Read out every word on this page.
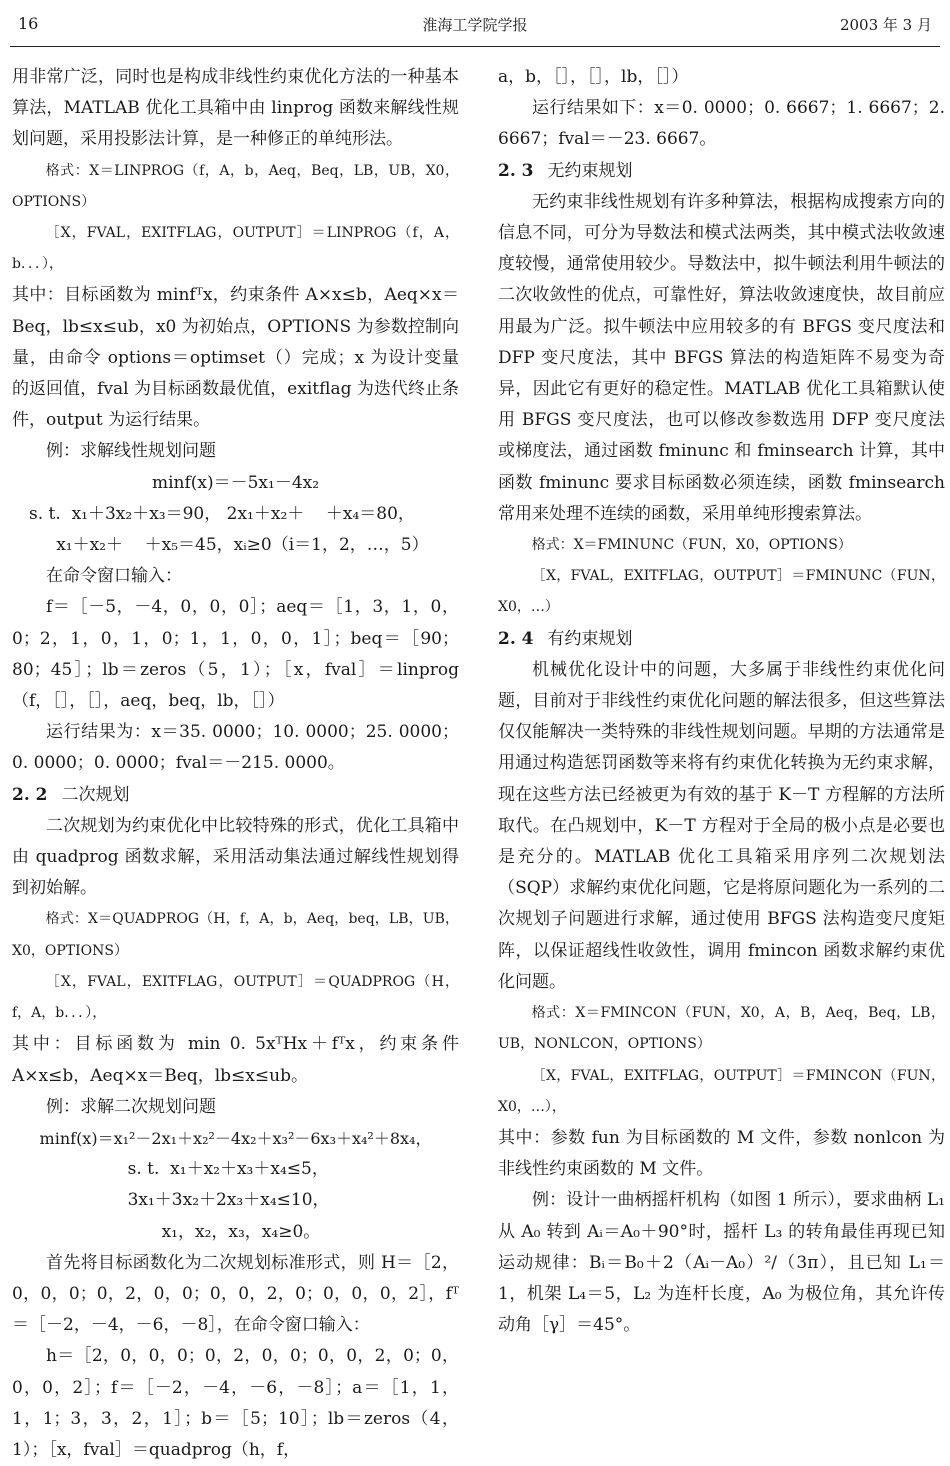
16	淮海工学院学报	2003 年 3 月

用非常广泛，同时也是构成非线性约束优化方法的一种基本算法，MATLAB 优化工具箱中由 linprog 函数来解线性规划问题，采用投影法计算，是一种修正的单纯形法。

格式：X＝LINPROG（f，A，b，Aeq，Beq，LB，UB，X0，OPTIONS）

［X，FVAL，EXITFLAG，OUTPUT］＝LINPROG（f，A，b．．．），

其中：目标函数为 minfᵀx，约束条件 A×x≤b，Aeq×x＝Beq，lb≤x≤ub，x0 为初始点，OPTIONS 为参数控制向量，由命令 options＝optimset（）完成；x 为设计变量的返回值，fval 为目标函数最优值，exitflag 为迭代终止条件，output 为运行结果。

例：求解线性规划问题

minf(x)＝－5x₁－4x₂

s. t.  x₁＋3x₂＋x₃＝90， 2x₁＋x₂＋    ＋x₄＝80，

x₁＋x₂＋    ＋x₅＝45，xᵢ≥0（i＝1，2，…，5）

在命令窗口输入：

f＝［－5，－4，0，0，0］；aeq＝［1，3，1，0，0；2，1，0，1，0；1，1，0，0，1］；beq＝［90；80；45］；lb＝zeros（5，1）；［x，fval］＝linprog（f，［］，［］，aeq，beq，lb，［］）

运行结果为：x＝35. 0000；10. 0000；25. 0000；0. 0000；0. 0000；fval＝－215. 0000。

2. 2 二次规划

二次规划为约束优化中比较特殊的形式，优化工具箱中由 quadprog 函数求解，采用活动集法通过解线性规划得到初始解。

格式：X＝QUADPROG（H，f，A，b，Aeq，beq，LB，UB，X0，OPTIONS）

［X，FVAL，EXITFLAG，OUTPUT］＝QUADPROG（H，f，A，b．．．），

其中：目标函数为 min 0. 5xᵀHx＋fᵀx，约束条件 A×x≤b，Aeq×x＝Beq，lb≤x≤ub。

例：求解二次规划问题

minf(x)＝x₁²－2x₁＋x₂²－4x₂＋x₃²－6x₃＋x₄²＋8x₄，

s. t.  x₁＋x₂＋x₃＋x₄≤5，

3x₁＋3x₂＋2x₃＋x₄≤10，

x₁，x₂，x₃，x₄≥0。

首先将目标函数化为二次规划标准形式，则 H＝［2，0，0，0；0，2，0，0；0，0，2，0；0，0，0，2］，fᵀ＝［－2，－4，－6，－8］，在命令窗口输入：

h＝［2，0，0，0；0，2，0，0；0，0，2，0；0，0，0，2］；f＝［－2，－4，－6，－8］；a＝［1，1，1，1；3，3，2，1］；b＝［5；10］；lb＝zeros（4，1）；［x，fval］＝quadprog（h，f，

a，b，［］，［］，lb，［］）

运行结果如下：x＝0. 0000；0. 6667；1. 6667；2. 6667；fval＝－23. 6667。

2. 3 无约束规划

无约束非线性规划有许多种算法，根据构成搜索方向的信息不同，可分为导数法和模式法两类，其中模式法收敛速度较慢，通常使用较少。导数法中，拟牛顿法利用牛顿法的二次收敛性的优点，可靠性好，算法收敛速度快，故目前应用最为广泛。拟牛顿法中应用较多的有 BFGS 变尺度法和 DFP 变尺度法，其中 BFGS 算法的构造矩阵不易变为奇异，因此它有更好的稳定性。MATLAB 优化工具箱默认使用 BFGS 变尺度法，也可以修改参数选用 DFP 变尺度法或梯度法，通过函数 fminunc 和 fminsearch 计算，其中函数 fminunc 要求目标函数必须连续，函数 fminsearch 常用来处理不连续的函数，采用单纯形搜索算法。

格式：X＝FMINUNC（FUN，X0，OPTIONS）

［X，FVAL，EXITFLAG，OUTPUT］＝FMINUNC（FUN，X0，…）

2. 4 有约束规划

机械优化设计中的问题，大多属于非线性约束优化问题，目前对于非线性约束优化问题的解法很多，但这些算法仅仅能解决一类特殊的非线性规划问题。早期的方法通常是用通过构造惩罚函数等来将有约束优化转换为无约束求解，现在这些方法已经被更为有效的基于 K－T 方程解的方法所取代。在凸规划中，K－T 方程对于全局的极小点是必要也是充分的。MATLAB 优化工具箱采用序列二次规划法（SQP）求解约束优化问题，它是将原问题化为一系列的二次规划子问题进行求解，通过使用 BFGS 法构造变尺度矩阵，以保证超线性收敛性，调用 fmincon 函数求解约束优化问题。

格式：X＝FMINCON（FUN，X0，A，B，Aeq，Beq，LB，UB，NONLCON，OPTIONS）

［X，FVAL，EXITFLAG，OUTPUT］＝FMINCON（FUN，X0，…），

其中：参数 fun 为目标函数的 M 文件，参数 nonlcon 为非线性约束函数的 M 文件。

例：设计一曲柄摇杆机构（如图 1 所示），要求曲柄 L₁ 从 A₀ 转到 Aᵢ＝A₀＋90°时，摇杆 L₃ 的转角最佳再现已知运动规律：Bᵢ＝B₀＋2（Aᵢ－A₀）²/（3π），且已知 L₁＝1，机架 L₄＝5，L₂ 为连杆长度，A₀ 为极位角，其允许传动角［γ］＝45°。
